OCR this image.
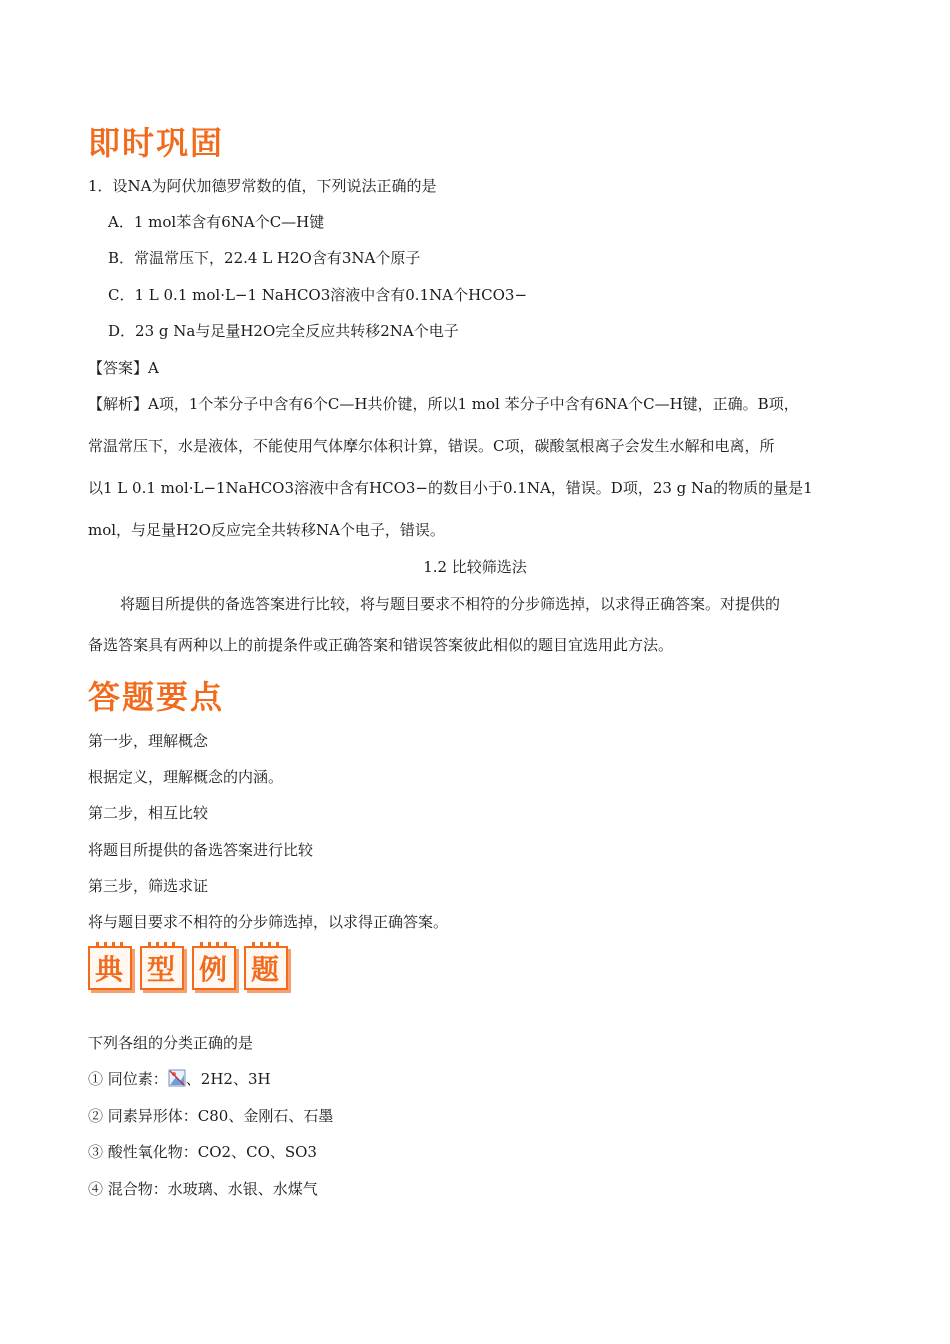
即时巩固
1．设NA为阿伏加德罗常数的值，下列说法正确的是
A．1 mol苯含有6NA个C—H键
B．常温常压下，22.4 L H2O含有3NA个原子
C．1 L 0.1 mol·L−1 NaHCO3溶液中含有0.1NA个HCO3−
D．23 g Na与足量H2O完全反应共转移2NA个电子
【答案】A
【解析】A项，1个苯分子中含有6个C—H共价键，所以1 mol 苯分子中含有6NA个C—H键，正确。B项，
常温常压下，水是液体，不能使用气体摩尔体积计算，错误。C项，碳酸氢根离子会发生水解和电离，所
以1 L 0.1 mol·L−1NaHCO3溶液中含有HCO3−的数目小于0.1NA，错误。D项，23 g Na的物质的量是1
mol，与足量H2O反应完全共转移NA个电子，错误。
1.2 比较筛选法
将题目所提供的备选答案进行比较，将与题目要求不相符的分步筛选掉，以求得正确答案。对提供的
备选答案具有两种以上的前提条件或正确答案和错误答案彼此相似的题目宜选用此方法。
答题要点
第一步，理解概念
根据定义，理解概念的内涵。
第二步，相互比较
将题目所提供的备选答案进行比较
第三步，筛选求证
将与题目要求不相符的分步筛选掉，以求得正确答案。
典 型 例 题
下列各组的分类正确的是
① 同位素： 、2H2、3H
② 同素异形体：C80、金刚石、石墨
③ 酸性氧化物：CO2、CO、SO3
④ 混合物：水玻璃、水银、水煤气
